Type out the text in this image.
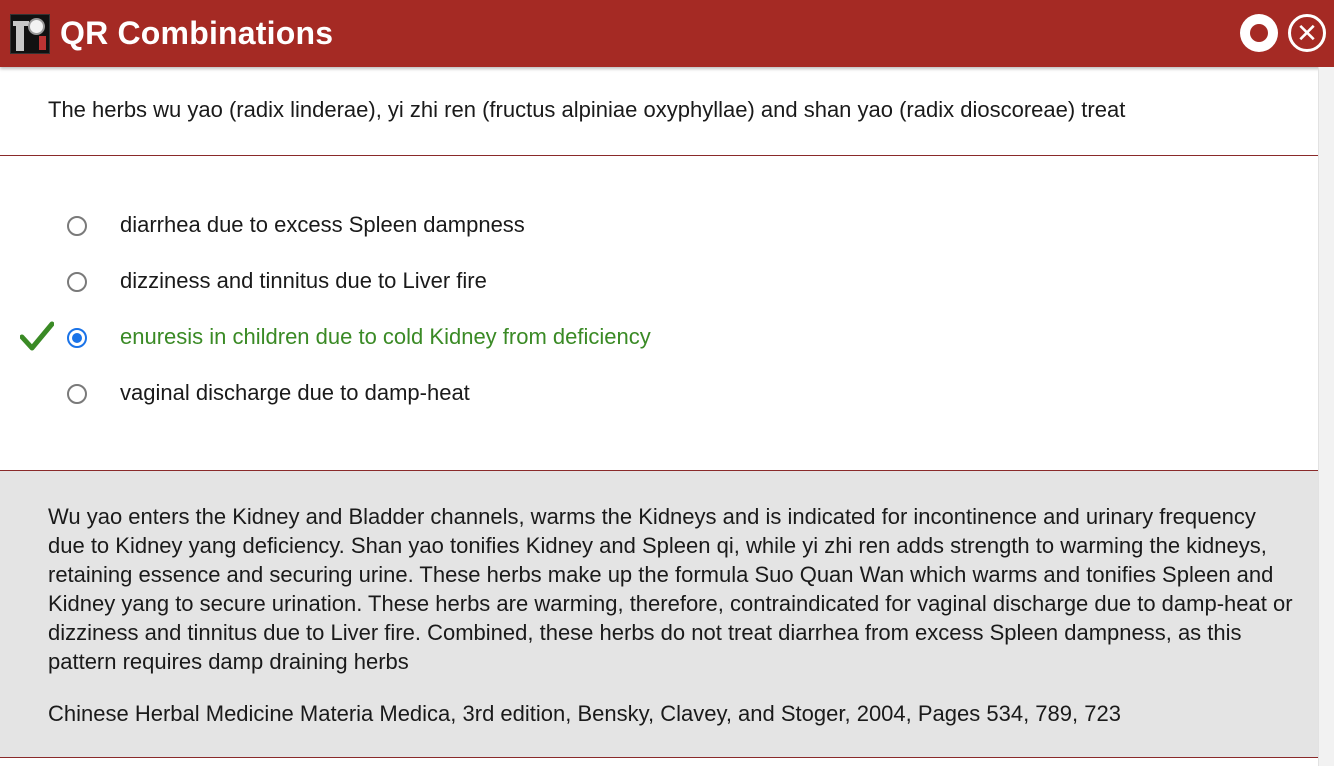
QR Combinations	✕
The herbs wu yao (radix linderae), yi zhi ren (fructus alpiniae oxyphyllae) and shan yao (radix dioscoreae) treat
diarrhea due to excess Spleen dampness
dizziness and tinnitus due to Liver fire
enuresis in children due to cold Kidney from deficiency
vaginal discharge due to damp-heat
Wu yao enters the Kidney and Bladder channels, warms the Kidneys and is indicated for incontinence and urinary frequency due to Kidney yang deficiency. Shan yao tonifies Kidney and Spleen qi, while yi zhi ren adds strength to warming the kidneys, retaining essence and securing urine. These herbs make up the formula Suo Quan Wan which warms and tonifies Spleen and Kidney yang to secure urination. These herbs are warming, therefore, contraindicated for vaginal discharge due to damp-heat or dizziness and tinnitus due to Liver fire. Combined, these herbs do not treat diarrhea from excess Spleen dampness, as this pattern requires damp draining herbs
Chinese Herbal Medicine Materia Medica, 3rd edition, Bensky, Clavey, and Stoger, 2004, Pages 534, 789, 723
